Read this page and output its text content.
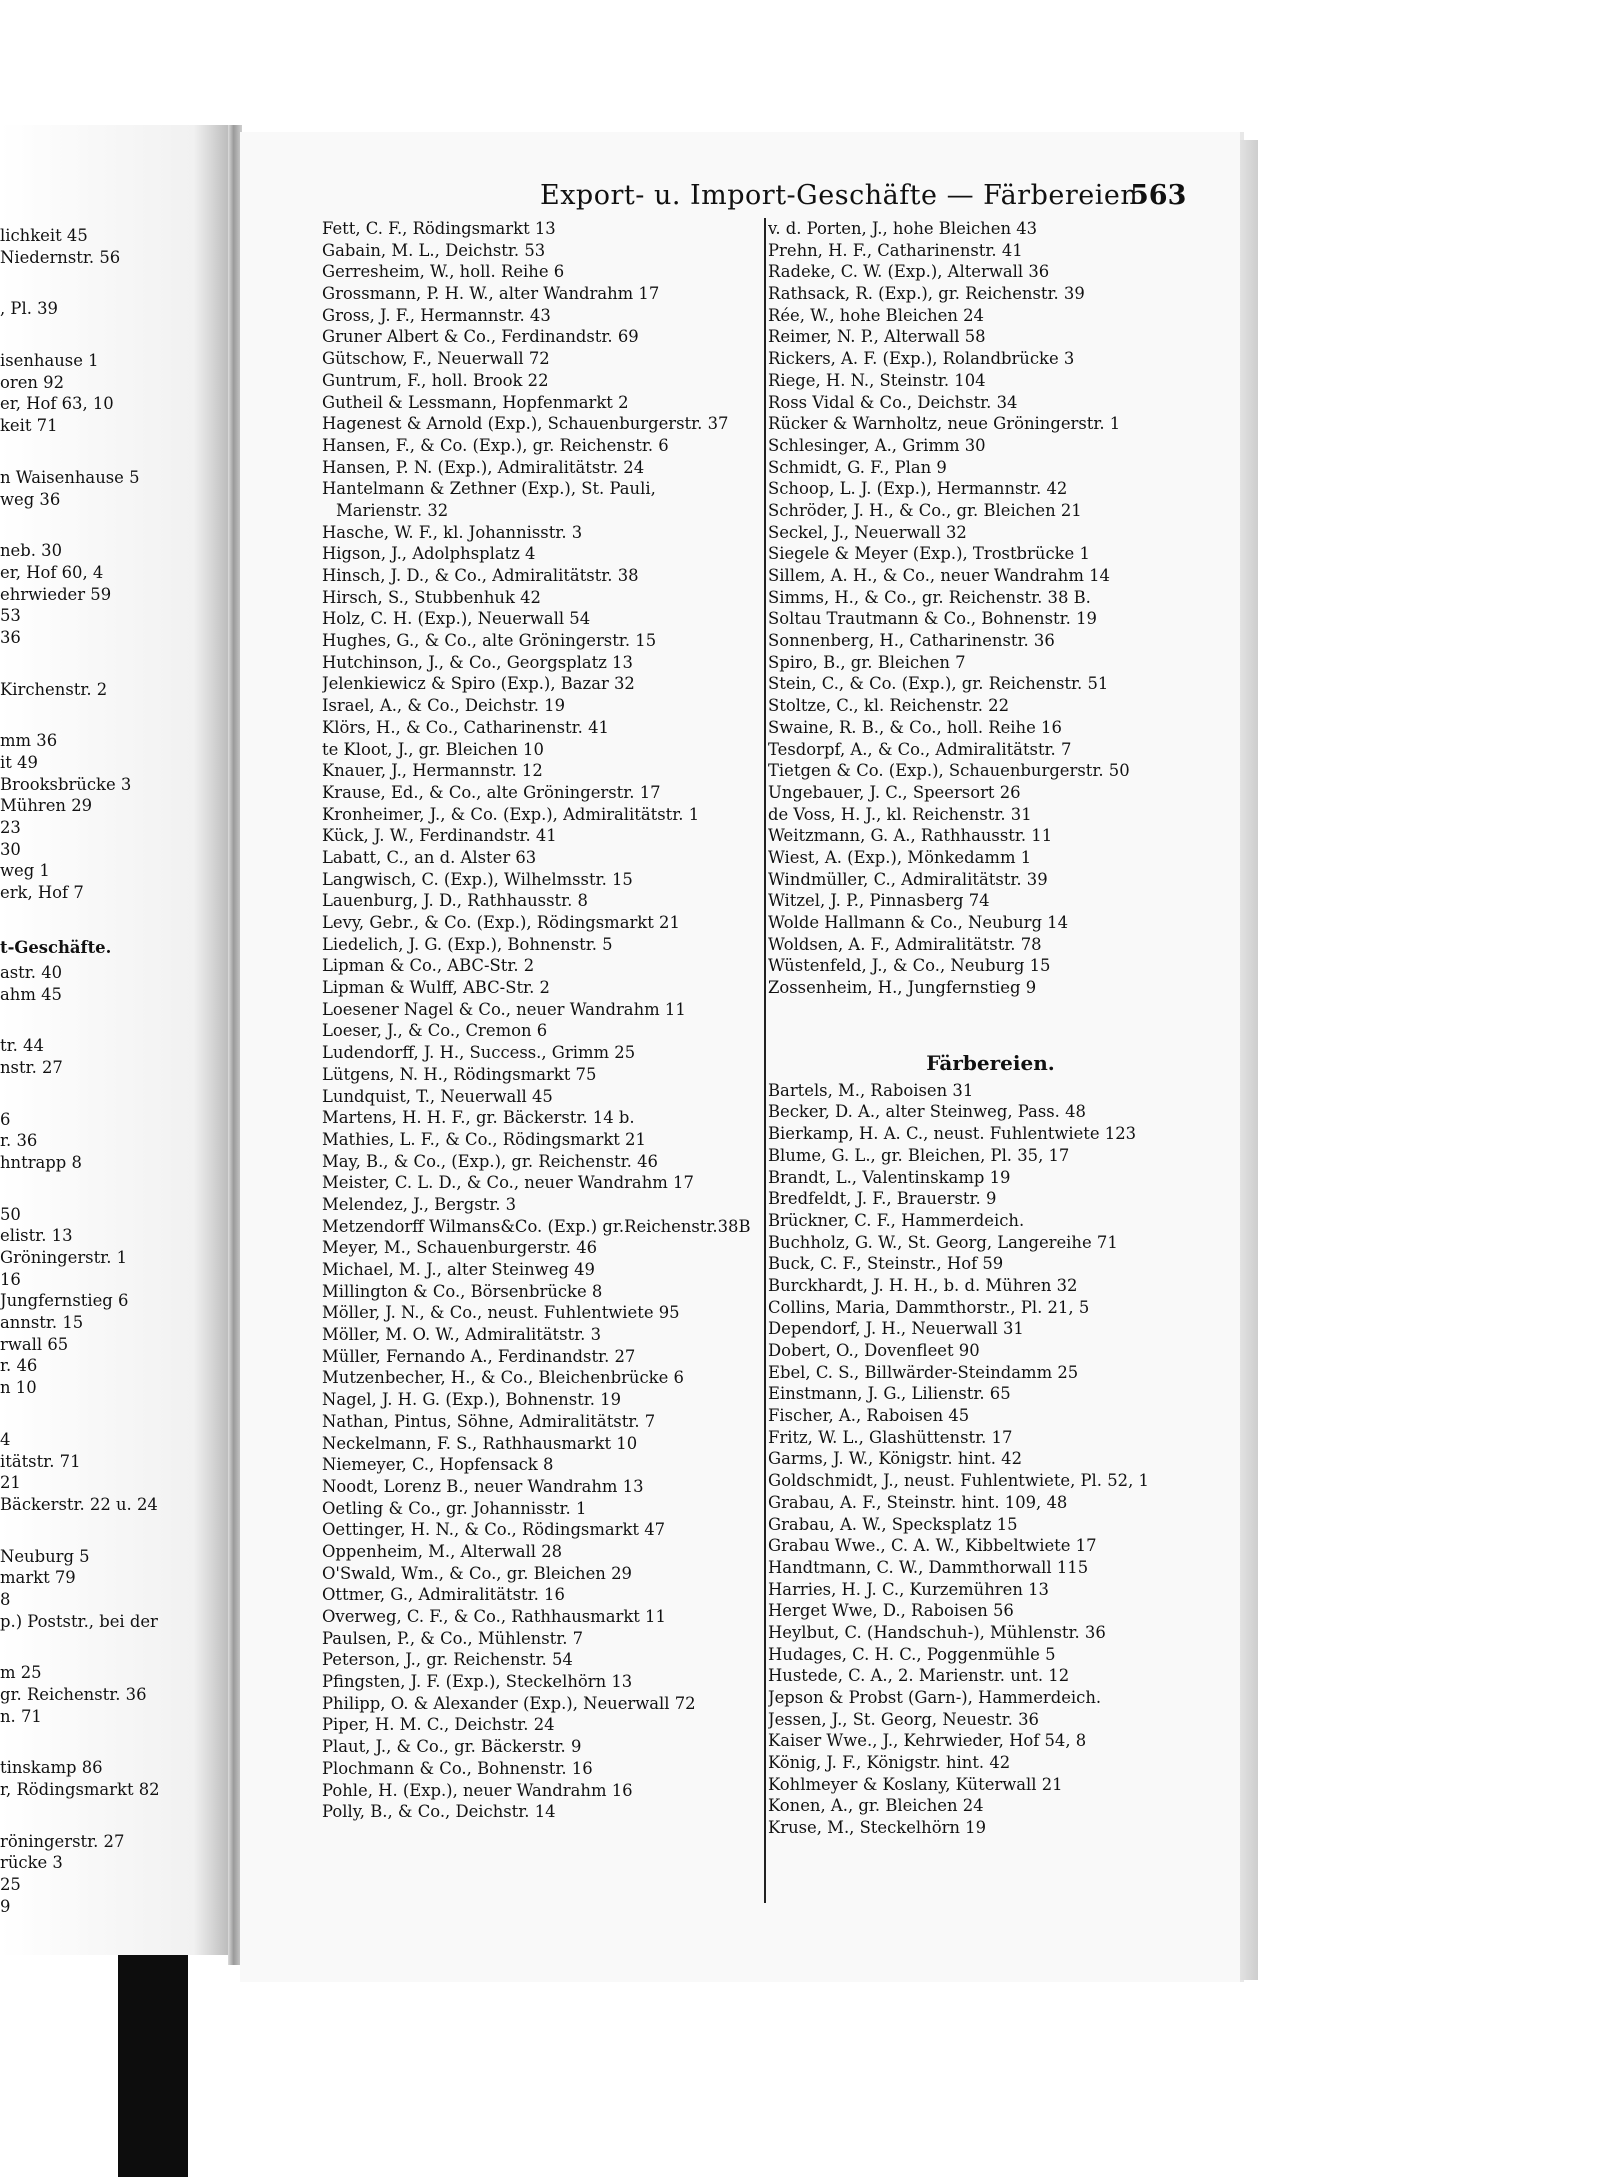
lichkeit 45
Niedernstr. 56
, Pl. 39
isenhause 1
oren 92
er, Hof 63, 10
keit 71
n Waisenhause 5
weg 36
neb. 30
er, Hof 60, 4
ehrwieder 59
53
36
Kirchenstr. 2
mm 36
it 49
Brooksbrücke 3
Mühren 29
23
30
weg 1
erk, Hof 7
t-Geschäfte.
astr. 40
ahm 45
tr. 44
nstr. 27
6
r. 36
hntrapp 8
50
elistr. 13
Gröningerstr. 1
16
Jungfernstieg 6
annstr. 15
rwall 65
r. 46
n 10
4
itätstr. 71
21
Bäckerstr. 22 u. 24
Neuburg 5
markt 79
8
p.) Poststr., bei der
m 25
gr. Reichenstr. 36
n. 71
tinskamp 86
r, Rödingsmarkt 82
röningerstr. 27
rücke 3
25
9
Export- u. Import-Geschäfte — Färbereien
563
Fett, C. F., Rödingsmarkt 13
Gabain, M. L., Deichstr. 53
Gerresheim, W., holl. Reihe 6
Grossmann, P. H. W., alter Wandrahm 17
Gross, J. F., Hermannstr. 43
Gruner Albert & Co., Ferdinandstr. 69
Gütschow, F., Neuerwall 72
Guntrum, F., holl. Brook 22
Gutheil & Lessmann, Hopfenmarkt 2
Hagenest & Arnold (Exp.), Schauenburgerstr. 37
Hansen, F., & Co. (Exp.), gr. Reichenstr. 6
Hansen, P. N. (Exp.), Admiralitätstr. 24
Hantelmann & Zethner (Exp.), St. Pauli,
Marienstr. 32
Hasche, W. F., kl. Johannisstr. 3
Higson, J., Adolphsplatz 4
Hinsch, J. D., & Co., Admiralitätstr. 38
Hirsch, S., Stubbenhuk 42
Holz, C. H. (Exp.), Neuerwall 54
Hughes, G., & Co., alte Gröningerstr. 15
Hutchinson, J., & Co., Georgsplatz 13
Jelenkiewicz & Spiro (Exp.), Bazar 32
Israel, A., & Co., Deichstr. 19
Klörs, H., & Co., Catharinenstr. 41
te Kloot, J., gr. Bleichen 10
Knauer, J., Hermannstr. 12
Krause, Ed., & Co., alte Gröningerstr. 17
Kronheimer, J., & Co. (Exp.), Admiralitätstr. 1
Kück, J. W., Ferdinandstr. 41
Labatt, C., an d. Alster 63
Langwisch, C. (Exp.), Wilhelmsstr. 15
Lauenburg, J. D., Rathhausstr. 8
Levy, Gebr., & Co. (Exp.), Rödingsmarkt 21
Liedelich, J. G. (Exp.), Bohnenstr. 5
Lipman & Co., ABC-Str. 2
Lipman & Wulff, ABC-Str. 2
Loesener Nagel & Co., neuer Wandrahm 11
Loeser, J., & Co., Cremon 6
Ludendorff, J. H., Success., Grimm 25
Lütgens, N. H., Rödingsmarkt 75
Lundquist, T., Neuerwall 45
Martens, H. H. F., gr. Bäckerstr. 14 b.
Mathies, L. F., & Co., Rödingsmarkt 21
May, B., & Co., (Exp.), gr. Reichenstr. 46
Meister, C. L. D., & Co., neuer Wandrahm 17
Melendez, J., Bergstr. 3
Metzendorff Wilmans&Co. (Exp.) gr.Reichenstr.38B
Meyer, M., Schauenburgerstr. 46
Michael, M. J., alter Steinweg 49
Millington & Co., Börsenbrücke 8
Möller, J. N., & Co., neust. Fuhlentwiete 95
Möller, M. O. W., Admiralitätstr. 3
Müller, Fernando A., Ferdinandstr. 27
Mutzenbecher, H., & Co., Bleichenbrücke 6
Nagel, J. H. G. (Exp.), Bohnenstr. 19
Nathan, Pintus, Söhne, Admiralitätstr. 7
Neckelmann, F. S., Rathhausmarkt 10
Niemeyer, C., Hopfensack 8
Noodt, Lorenz B., neuer Wandrahm 13
Oetling & Co., gr. Johannisstr. 1
Oettinger, H. N., & Co., Rödingsmarkt 47
Oppenheim, M., Alterwall 28
O'Swald, Wm., & Co., gr. Bleichen 29
Ottmer, G., Admiralitätstr. 16
Overweg, C. F., & Co., Rathhausmarkt 11
Paulsen, P., & Co., Mühlenstr. 7
Peterson, J., gr. Reichenstr. 54
Pfingsten, J. F. (Exp.), Steckelhörn 13
Philipp, O. & Alexander (Exp.), Neuerwall 72
Piper, H. M. C., Deichstr. 24
Plaut, J., & Co., gr. Bäckerstr. 9
Plochmann & Co., Bohnenstr. 16
Pohle, H. (Exp.), neuer Wandrahm 16
Polly, B., & Co., Deichstr. 14
v. d. Porten, J., hohe Bleichen 43
Prehn, H. F., Catharinenstr. 41
Radeke, C. W. (Exp.), Alterwall 36
Rathsack, R. (Exp.), gr. Reichenstr. 39
Rée, W., hohe Bleichen 24
Reimer, N. P., Alterwall 58
Rickers, A. F. (Exp.), Rolandbrücke 3
Riege, H. N., Steinstr. 104
Ross Vidal & Co., Deichstr. 34
Rücker & Warnholtz, neue Gröningerstr. 1
Schlesinger, A., Grimm 30
Schmidt, G. F., Plan 9
Schoop, L. J. (Exp.), Hermannstr. 42
Schröder, J. H., & Co., gr. Bleichen 21
Seckel, J., Neuerwall 32
Siegele & Meyer (Exp.), Trostbrücke 1
Sillem, A. H., & Co., neuer Wandrahm 14
Simms, H., & Co., gr. Reichenstr. 38 B.
Soltau Trautmann & Co., Bohnenstr. 19
Sonnenberg, H., Catharinenstr. 36
Spiro, B., gr. Bleichen 7
Stein, C., & Co. (Exp.), gr. Reichenstr. 51
Stoltze, C., kl. Reichenstr. 22
Swaine, R. B., & Co., holl. Reihe 16
Tesdorpf, A., & Co., Admiralitätstr. 7
Tietgen & Co. (Exp.), Schauenburgerstr. 50
Ungebauer, J. C., Speersort 26
de Voss, H. J., kl. Reichenstr. 31
Weitzmann, G. A., Rathhausstr. 11
Wiest, A. (Exp.), Mönkedamm 1
Windmüller, C., Admiralitätstr. 39
Witzel, J. P., Pinnasberg 74
Wolde Hallmann & Co., Neuburg 14
Woldsen, A. F., Admiralitätstr. 78
Wüstenfeld, J., & Co., Neuburg 15
Zossenheim, H., Jungfernstieg 9
Färbereien.
Bartels, M., Raboisen 31
Becker, D. A., alter Steinweg, Pass. 48
Bierkamp, H. A. C., neust. Fuhlentwiete 123
Blume, G. L., gr. Bleichen, Pl. 35, 17
Brandt, L., Valentinskamp 19
Bredfeldt, J. F., Brauerstr. 9
Brückner, C. F., Hammerdeich.
Buchholz, G. W., St. Georg, Langereihe 71
Buck, C. F., Steinstr., Hof 59
Burckhardt, J. H. H., b. d. Mühren 32
Collins, Maria, Dammthorstr., Pl. 21, 5
Dependorf, J. H., Neuerwall 31
Dobert, O., Dovenfleet 90
Ebel, C. S., Billwärder-Steindamm 25
Einstmann, J. G., Lilienstr. 65
Fischer, A., Raboisen 45
Fritz, W. L., Glashüttenstr. 17
Garms, J. W., Königstr. hint. 42
Goldschmidt, J., neust. Fuhlentwiete, Pl. 52, 1
Grabau, A. F., Steinstr. hint. 109, 48
Grabau, A. W., Specksplatz 15
Grabau Wwe., C. A. W., Kibbeltwiete 17
Handtmann, C. W., Dammthorwall 115
Harries, H. J. C., Kurzemühren 13
Herget Wwe, D., Raboisen 56
Heylbut, C. (Handschuh-), Mühlenstr. 36
Hudages, C. H. C., Poggenmühle 5
Hustede, C. A., 2. Marienstr. unt. 12
Jepson & Probst (Garn-), Hammerdeich.
Jessen, J., St. Georg, Neuestr. 36
Kaiser Wwe., J., Kehrwieder, Hof 54, 8
König, J. F., Königstr. hint. 42
Kohlmeyer & Koslany, Küterwall 21
Konen, A., gr. Bleichen 24
Kruse, M., Steckelhörn 19
